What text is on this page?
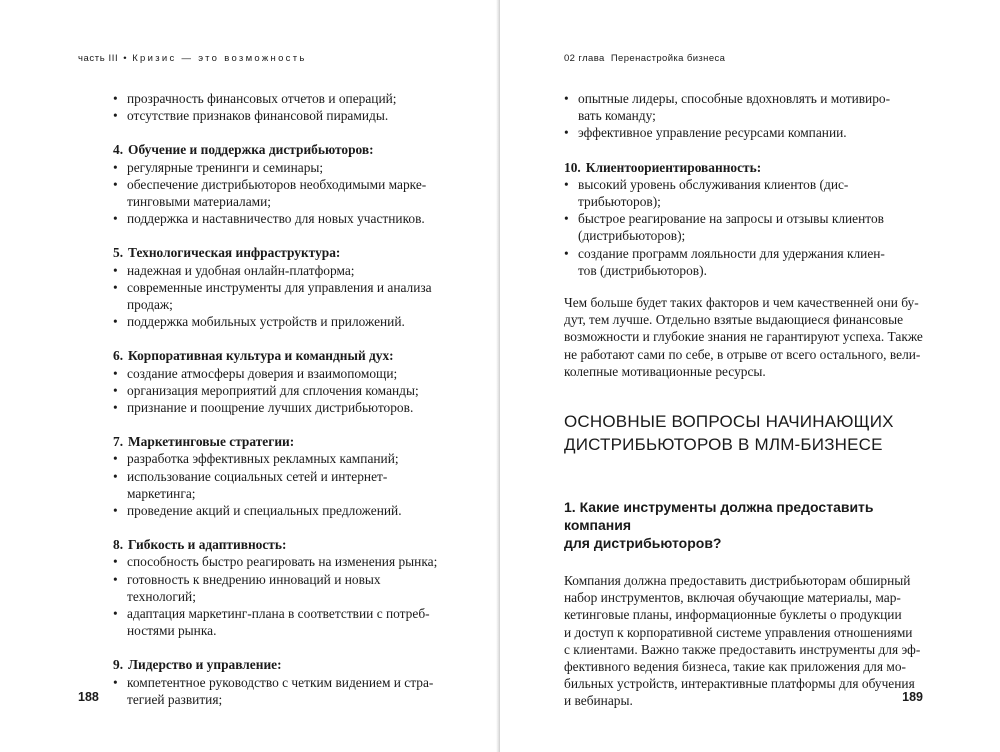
часть III • Кризис — это возможность
• прозрачность финансовых отчетов и операций;
• отсутствие признаков финансовой пирамиды.
4. Обучение и поддержка дистрибьюторов:
• регулярные тренинги и семинары;
• обеспечение дистрибьюторов необходимыми марке-
тинговыми материалами;
• поддержка и наставничество для новых участников.
5. Технологическая инфраструктура:
• надежная и удобная онлайн-платформа;
• современные инструменты для управления и анализа
продаж;
• поддержка мобильных устройств и приложений.
6. Корпоративная культура и командный дух:
• создание атмосферы доверия и взаимопомощи;
• организация мероприятий для сплочения команды;
• признание и поощрение лучших дистрибьюторов.
7. Маркетинговые стратегии:
• разработка эффективных рекламных кампаний;
• использование социальных сетей и интернет-
маркетинга;
• проведение акций и специальных предложений.
8. Гибкость и адаптивность:
• способность быстро реагировать на изменения рынка;
• готовность к внедрению инноваций и новых технологий;
• адаптация маркетинг-плана в соответствии с потреб-
ностями рынка.
9. Лидерство и управление:
• компетентное руководство с четким видением и стра-
тегией развития;
188
02 глава Перенастройка бизнеса
• опытные лидеры, способные вдохновлять и мотивиро-
вать команду;
• эффективное управление ресурсами компании.
10. Клиентоориентированность:
• высокий уровень обслуживания клиентов (дис-
трибьюторов);
• быстрое реагирование на запросы и отзывы клиентов
(дистрибьюторов);
• создание программ лояльности для удержания клиен-
тов (дистрибьюторов).
Чем больше будет таких факторов и чем качественней они бу-
дут, тем лучше. Отдельно взятые выдающиеся финансовые
возможности и глубокие знания не гарантируют успеха. Также
не работают сами по себе, в отрыве от всего остального, вели-
колепные мотивационные ресурсы.
ОСНОВНЫЕ ВОПРОСЫ НАЧИНАЮЩИХ
ДИСТРИБЬЮТОРОВ В МЛМ-БИЗНЕСЕ
1. Какие инструменты должна предоставить компания
для дистрибьюторов?
Компания должна предоставить дистрибьюторам обширный
набор инструментов, включая обучающие материалы, мар-
кетинговые планы, информационные буклеты о продукции
и доступ к корпоративной системе управления отношениями
с клиентами. Важно также предоставить инструменты для эф-
фективного ведения бизнеса, такие как приложения для мо-
бильных устройств, интерактивные платформы для обучения
и вебинары.	189
